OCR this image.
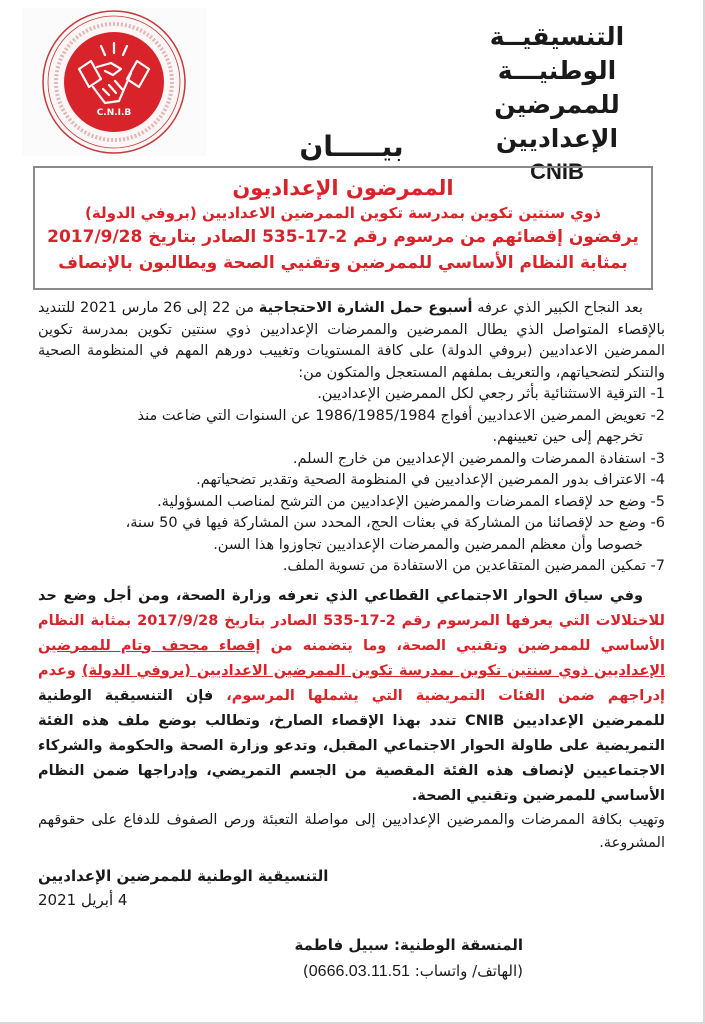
C.N.I.B
التنسيقيــة الوطنيـــة
للممرضين الإعداديين
CNIB
بيـــــان
الممرضون الإعداديون
ذوي سنتين تكوين بمدرسة تكوين الممرضين الاعداديين (بروفي الدولة)
يرفضون إقصائهم من مرسوم رقم 2-17-535 الصادر بتاريخ 2017/9/28
بمثابة النظام الأساسي للممرضين وتقنيي الصحة ويطالبون بالإنصاف

بعد النجاح الكبير الذي عرفه أسبوع حمل الشارة الاحتجاجية من 22 إلى 26 مارس 2021 للتنديد بالإقصاء المتواصل الذي يطال الممرضين والممرضات الإعداديين ذوي سنتين تكوين بمدرسة تكوين الممرضين الاعداديين (بروفي الدولة) على كافة المستويات وتغييب دورهم المهم في المنظومة الصحية والتنكر لتضحياتهم، والتعريف بملفهم المستعجل والمتكون من:

1- الترقية الاستثنائية بأثر رجعي لكل الممرضين الإعداديين.
2- تعويض الممرضين الاعداديين أفواج 1986/1985/1984 عن السنوات التي ضاعت منذ
تخرجهم إلى حين تعيينهم.
3- استفادة الممرضات والممرضين الإعداديين من خارج السلم.
4- الاعتراف بدور الممرضين الإعداديين في المنظومة الصحية وتقدير تضحياتهم.
5- وضع حد لإقصاء الممرضات والممرضين الإعداديين من الترشح لمناصب المسؤولية.
6- وضع حد لإقصائنا من المشاركة في بعثات الحج، المحدد سن المشاركة فيها في 50 سنة،
خصوصا وأن معظم الممرضين والممرضات الإعداديين تجاوزوا هذا السن.
7- تمكين الممرضين المتقاعدين من الاستفادة من تسوية الملف.

وفي سياق الحوار الاجتماعي القطاعي الذي تعرفه وزارة الصحة، ومن أجل وضع حد للاختلالات التي يعرفها المرسوم رقم 2-17-535 الصادر بتاريخ 2017/9/28 بمثابة النظام الأساسي للممرضين وتقنيي الصحة، وما يتضمنه من إقصاء مجحف وتام للممرضين الإعداديين ذوي سنتين تكوين بمدرسة تكوين الممرضين الاعداديين (بروفي الدولة) وعدم إدراجهم ضمن الفئات التمريضية التي يشملها المرسوم، فإن التنسيقية الوطنية للممرضين الإعداديين CNIB تندد بهذا الإقصاء الصارخ، وتطالب بوضع ملف هذه الفئة التمريضية على طاولة الحوار الاجتماعي المقبل، وتدعو وزارة الصحة والحكومة والشركاء الاجتماعيين لإنصاف هذه الفئة المقصية من الجسم التمريضي، وإدراجها ضمن النظام الأساسي للممرضين وتقنيي الصحة.

وتهيب بكافة الممرضات والممرضين الإعداديين إلى مواصلة التعبئة ورص الصفوف للدفاع على حقوقهم المشروعة.

التنسيقية الوطنية للممرضين الإعداديين
4 أبريل 2021
المنسقة الوطنية: سبيل فاطمة
(الهاتف/ واتساب: 0666.03.11.51)
